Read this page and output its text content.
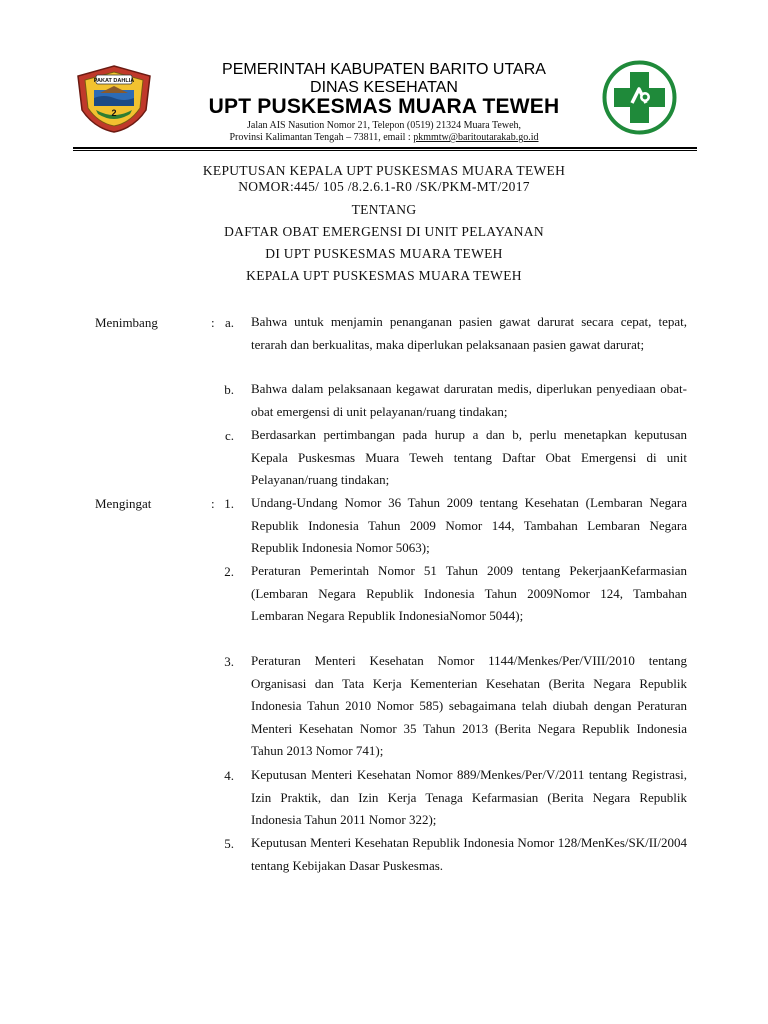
PAKAT DAHLIA
2
PEMERINTAH KABUPATEN BARITO UTARA
DINAS KESEHATAN
UPT PUSKESMAS MUARA TEWEH
Jalan AIS Nasution Nomor 21, Telepon (0519) 21324 Muara Teweh,
Provinsi Kalimantan Tengah – 73811, email : pkmmtw@baritoutarakab.go.id
KEPUTUSAN KEPALA UPT PUSKESMAS MUARA TEWEH
NOMOR:445/ 105 /8.2.6.1-R0 /SK/PKM-MT/2017
TENTANG
DAFTAR OBAT EMERGENSI DI UNIT PELAYANAN
DI UPT PUSKESMAS MUARA TEWEH
KEPALA UPT PUSKESMAS MUARA TEWEH
Menimbang	: a. Bahwa untuk menjamin penanganan pasien gawat darurat secara cepat, tepat, terarah dan berkualitas, maka diperlukan pelaksanaan pasien gawat darurat;

b. Bahwa dalam pelaksanaan kegawat daruratan medis, diperlukan penyediaan obat-obat emergensi di unit pelayanan/ruang tindakan;

c. Berdasarkan pertimbangan pada hurup a dan b, perlu menetapkan keputusan Kepala Puskesmas Muara Teweh tentang Daftar Obat Emergensi di unit Pelayanan/ruang tindakan;

Mengingat	: 1. Undang-Undang Nomor 36 Tahun 2009 tentang Kesehatan (Lembaran Negara Republik Indonesia Tahun 2009 Nomor 144, Tambahan Lembaran Negara Republik Indonesia Nomor 5063);

2. Peraturan Pemerintah Nomor 51 Tahun 2009 tentang PekerjaanKefarmasian (Lembaran Negara Republik Indonesia Tahun 2009Nomor 124, Tambahan Lembaran Negara Republik IndonesiaNomor 5044);

3. Peraturan Menteri Kesehatan Nomor 1144/Menkes/Per/VIII/2010 tentang Organisasi dan Tata Kerja Kementerian Kesehatan (Berita Negara Republik Indonesia Tahun 2010 Nomor 585) sebagaimana telah diubah dengan Peraturan Menteri Kesehatan Nomor 35 Tahun 2013 (Berita Negara Republik Indonesia Tahun 2013 Nomor 741);

4. Keputusan Menteri Kesehatan Nomor 889/Menkes/Per/V/2011 tentang Registrasi, Izin Praktik, dan Izin Kerja Tenaga Kefarmasian (Berita Negara Republik Indonesia Tahun 2011 Nomor 322);

5. Keputusan Menteri Kesehatan Republik Indonesia Nomor 128/MenKes/SK/II/2004 tentang Kebijakan Dasar Puskesmas.
